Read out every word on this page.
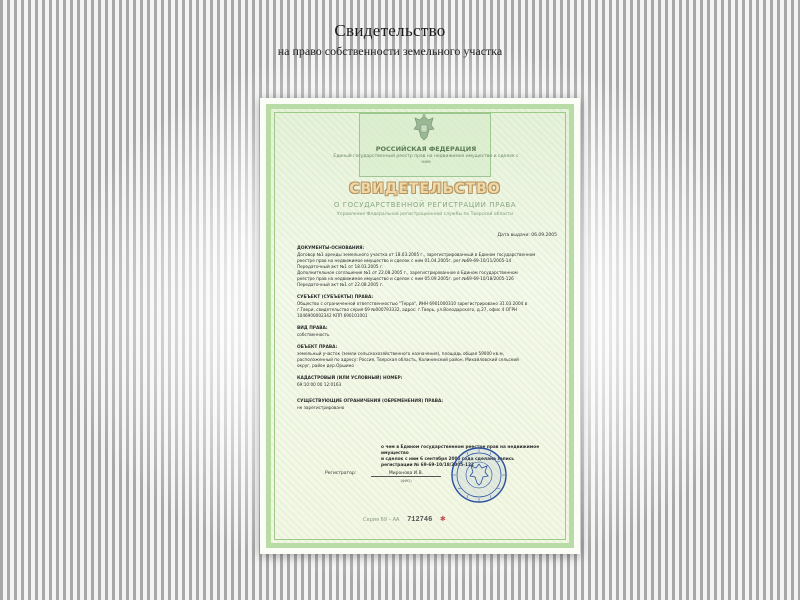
Свидетельство
на право собственности земельного участка
РОССИЙСКАЯ ФЕДЕРАЦИЯ
Единый государственный реестр прав на недвижимое имущество и сделок с ним
СВИДЕТЕЛЬСТВО
О ГОСУДАРСТВЕННОЙ РЕГИСТРАЦИИ ПРАВА
Управление Федеральной регистрационной службы по Тверской области
Дата выдачи: 06.09.2005
ДОКУМЕНТЫ-ОСНОВАНИЯ:

Договор №1 аренды земельного участка от 18.03.2005 г., зарегистрированный в Едином государственном

реестре прав на недвижимое имущество и сделок с ним 01.04.2005г. рег.№69-69-10/11/2005-14

Передаточный акт №1 от 18.03.2005 г.

Дополнительное соглашение №1 от 22.08.2005 г., зарегистрированное в Едином государственном

реестре прав на недвижимое имущество и сделок с ним 05.09.2005г. рег.№69-69-10/18/2005-126

Передаточный акт №1 от 22.08.2005 г.

СУБЪЕКТ (СУБЪЕКТЫ) ПРАВА:

Общество с ограниченной ответственностью "Терра", ИНН 6901000310 зарегистрировано 31.03.2004 в

г.Твери, свидетельство серия 69 №000793332, адрос: г.Тверь, ул.Володарского, д.27, офис 4 ОГРН

1046900002342 КПП 690101001

ВИД ПРАВА:

собственность

ОБЪЕКТ ПРАВА:

земельный участок (земли сельскохозяйственного назначения), площадь общая 59000 кв.м,

расположенный по адресу: Россия, Тверская область, Калининский район, Михайловский сельский

округ, район дер.Оршино

КАДАСТРОВЫЙ (ИЛИ УСЛОВНЫЙ) НОМЕР:

69:10:00 00 12:0163

СУЩЕСТВУЮЩИЕ ОГРАНИЧЕНИЯ (ОБРЕМЕНЕНИЯ) ПРАВА:

не зарегистрировано

о чем в Едином государственном реестре прав на недвижимое имущество
и сделок с ним 6 сентября 2005 года сделана запись
регистрации № 69-69-10/18/2005-122
Регистратор:	Миронова И.В.
(ФИО)
Серия 69 – АА 712746 ✱
